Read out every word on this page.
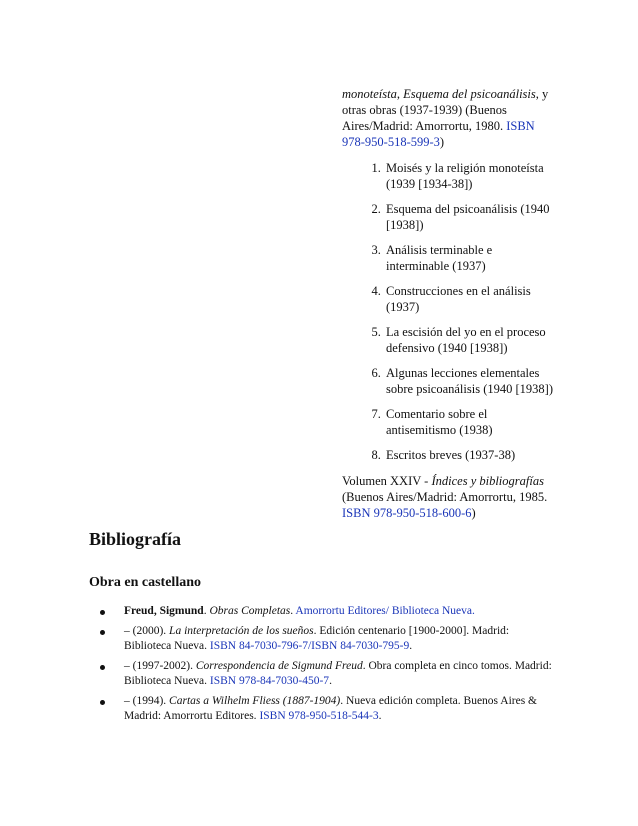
monoteísta, Esquema del psicoanálisis, y otras obras (1937-1939) (Buenos Aires/Madrid: Amorrortu, 1980. ISBN 978-950-518-599-3)

1. Moisés y la religión monoteísta (1939 [1934-38])
2. Esquema del psicoanálisis (1940 [1938])
3. Análisis terminable e interminable (1937)
4. Construcciones en el análisis (1937)
5. La escisión del yo en el proceso defensivo (1940 [1938])
6. Algunas lecciones elementales sobre psicoanálisis (1940 [1938])
7. Comentario sobre el antisemitismo (1938)
8. Escritos breves (1937-38)

Volumen XXIV - Índices y bibliografías (Buenos Aires/Madrid: Amorrortu, 1985. ISBN 978-950-518-600-6)

Bibliografía
Obra en castellano
Freud, Sigmund. Obras Completas. Amorrortu Editores/ Biblioteca Nueva.
– (2000). La interpretación de los sueños. Edición centenario [1900-2000]. Madrid: Biblioteca Nueva. ISBN 84-7030-796-7/ISBN 84-7030-795-9.
– (1997-2002). Correspondencia de Sigmund Freud. Obra completa en cinco tomos. Madrid: Biblioteca Nueva. ISBN 978-84-7030-450-7.
– (1994). Cartas a Wilhelm Fliess (1887-1904). Nueva edición completa. Buenos Aires & Madrid: Amorrortu Editores. ISBN 978-950-518-544-3.
